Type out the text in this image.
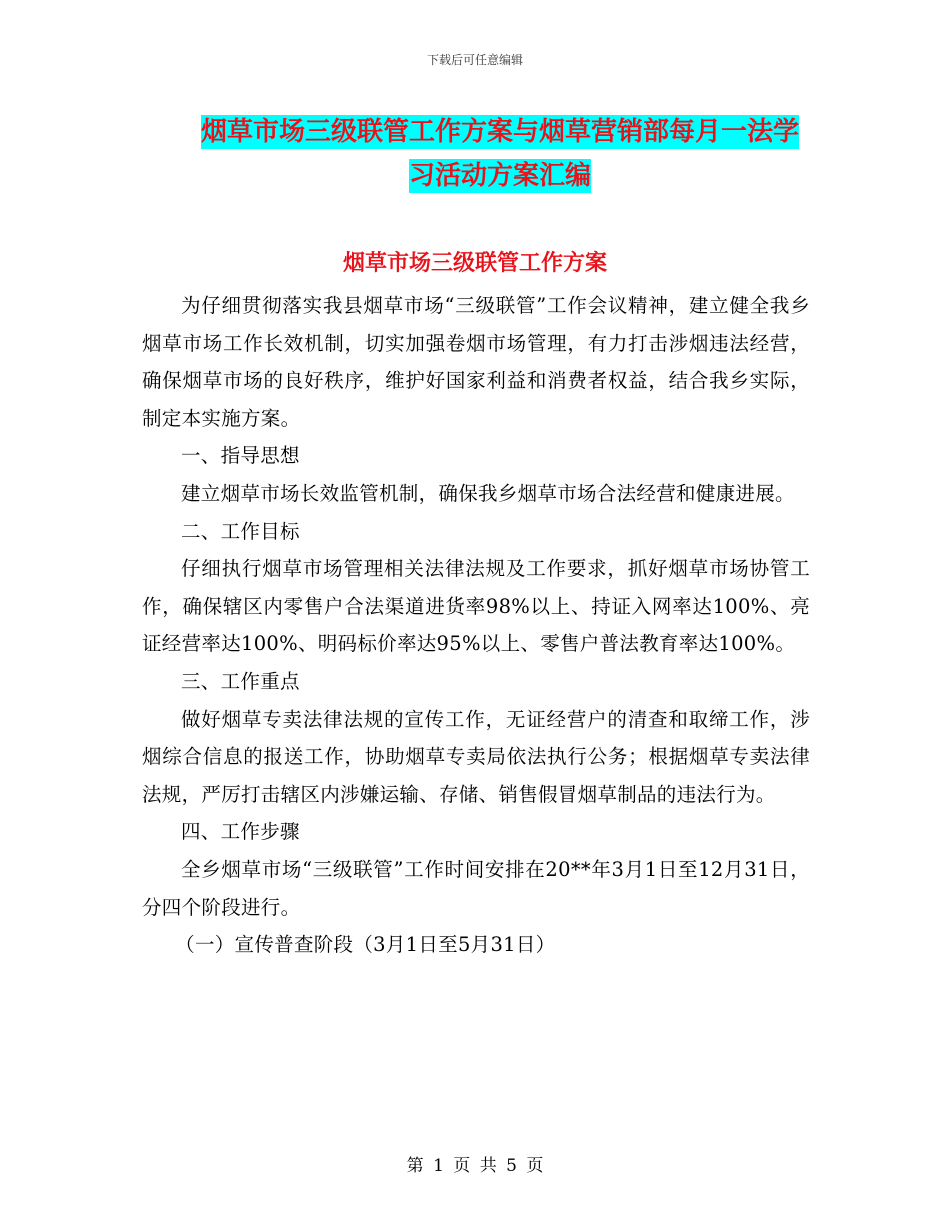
下载后可任意编辑
烟草市场三级联管工作方案与烟草营销部每月一法学
习活动方案汇编
烟草市场三级联管工作方案

为仔细贯彻落实我县烟草市场“三级联管”工作会议精神，建立健全我乡烟草市场工作长效机制，切实加强卷烟市场管理，有力打击涉烟违法经营，确保烟草市场的良好秩序，维护好国家利益和消费者权益，结合我乡实际，制定本实施方案。

一、指导思想

建立烟草市场长效监管机制，确保我乡烟草市场合法经营和健康进展。

二、工作目标

仔细执行烟草市场管理相关法律法规及工作要求，抓好烟草市场协管工作，确保辖区内零售户合法渠道进货率98%以上、持证入网率达100%、亮证经营率达100%、明码标价率达95%以上、零售户普法教育率达100%。

三、工作重点

做好烟草专卖法律法规的宣传工作，无证经营户的清查和取缔工作，涉烟综合信息的报送工作，协助烟草专卖局依法执行公务；根据烟草专卖法律法规，严厉打击辖区内涉嫌运输、存储、销售假冒烟草制品的违法行为。

四、工作步骤

全乡烟草市场“三级联管”工作时间安排在20**年3月1日至12月31日，分四个阶段进行。

（一）宣传普查阶段（3月1日至5月31日）

第 1 页 共 5 页
